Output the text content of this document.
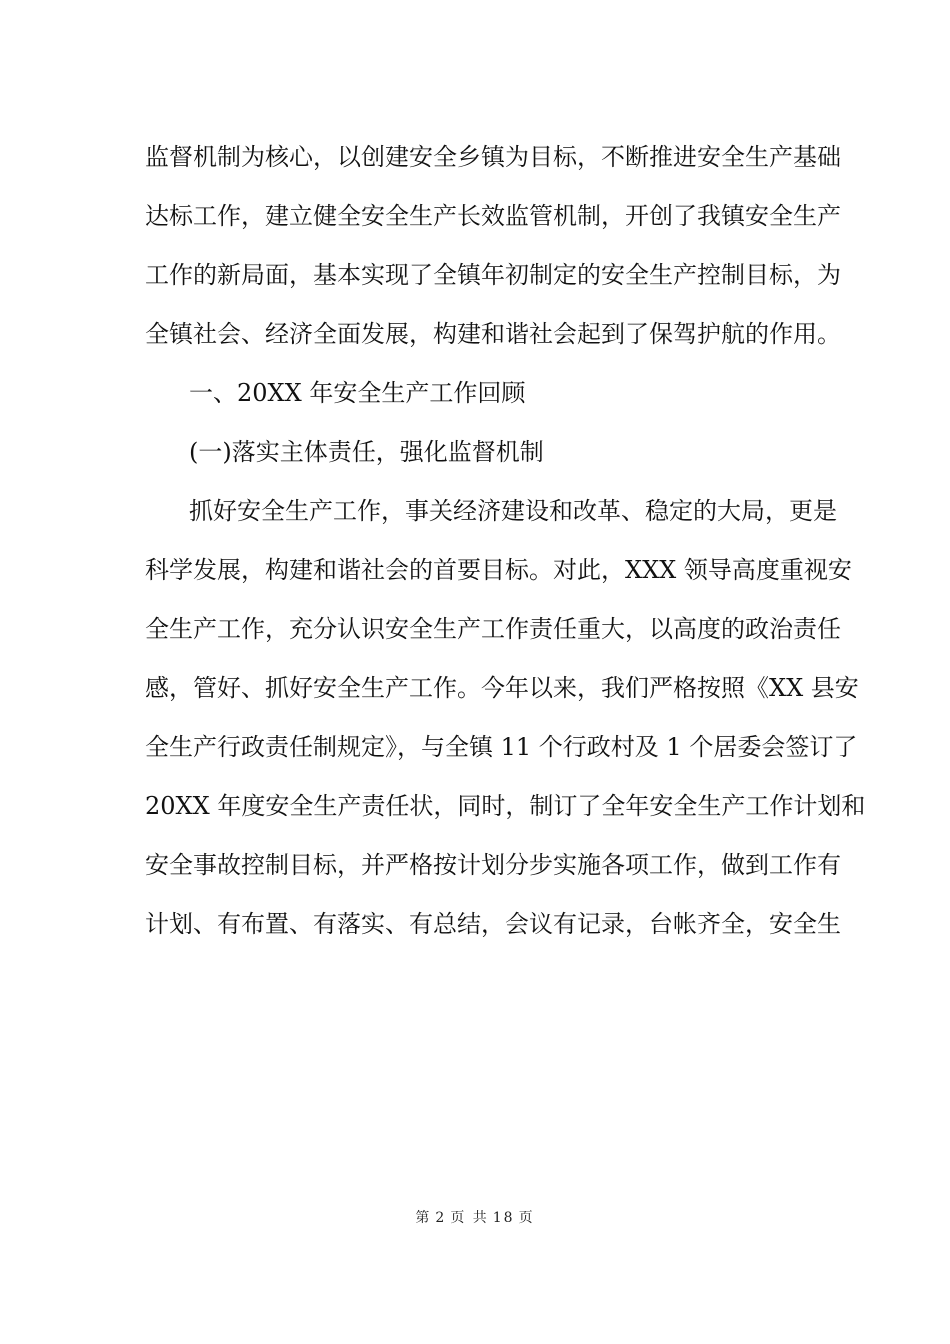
监督机制为核心，以创建安全乡镇为目标，不断推进安全生产基础
达标工作，建立健全安全生产长效监管机制，开创了我镇安全生产
工作的新局面，基本实现了全镇年初制定的安全生产控制目标，为
全镇社会、经济全面发展，构建和谐社会起到了保驾护航的作用。
一、20XX 年安全生产工作回顾
(一)落实主体责任，强化监督机制
抓好安全生产工作，事关经济建设和改革、稳定的大局，更是
科学发展，构建和谐社会的首要目标。对此，XXX 领导高度重视安
全生产工作，充分认识安全生产工作责任重大，以高度的政治责任
感，管好、抓好安全生产工作。今年以来，我们严格按照《XX 县安
全生产行政责任制规定》，与全镇 11 个行政村及 1 个居委会签订了
20XX 年度安全生产责任状，同时，制订了全年安全生产工作计划和
安全事故控制目标，并严格按计划分步实施各项工作，做到工作有
计划、有布置、有落实、有总结，会议有记录，台帐齐全，安全生
第 2 页 共 18 页
